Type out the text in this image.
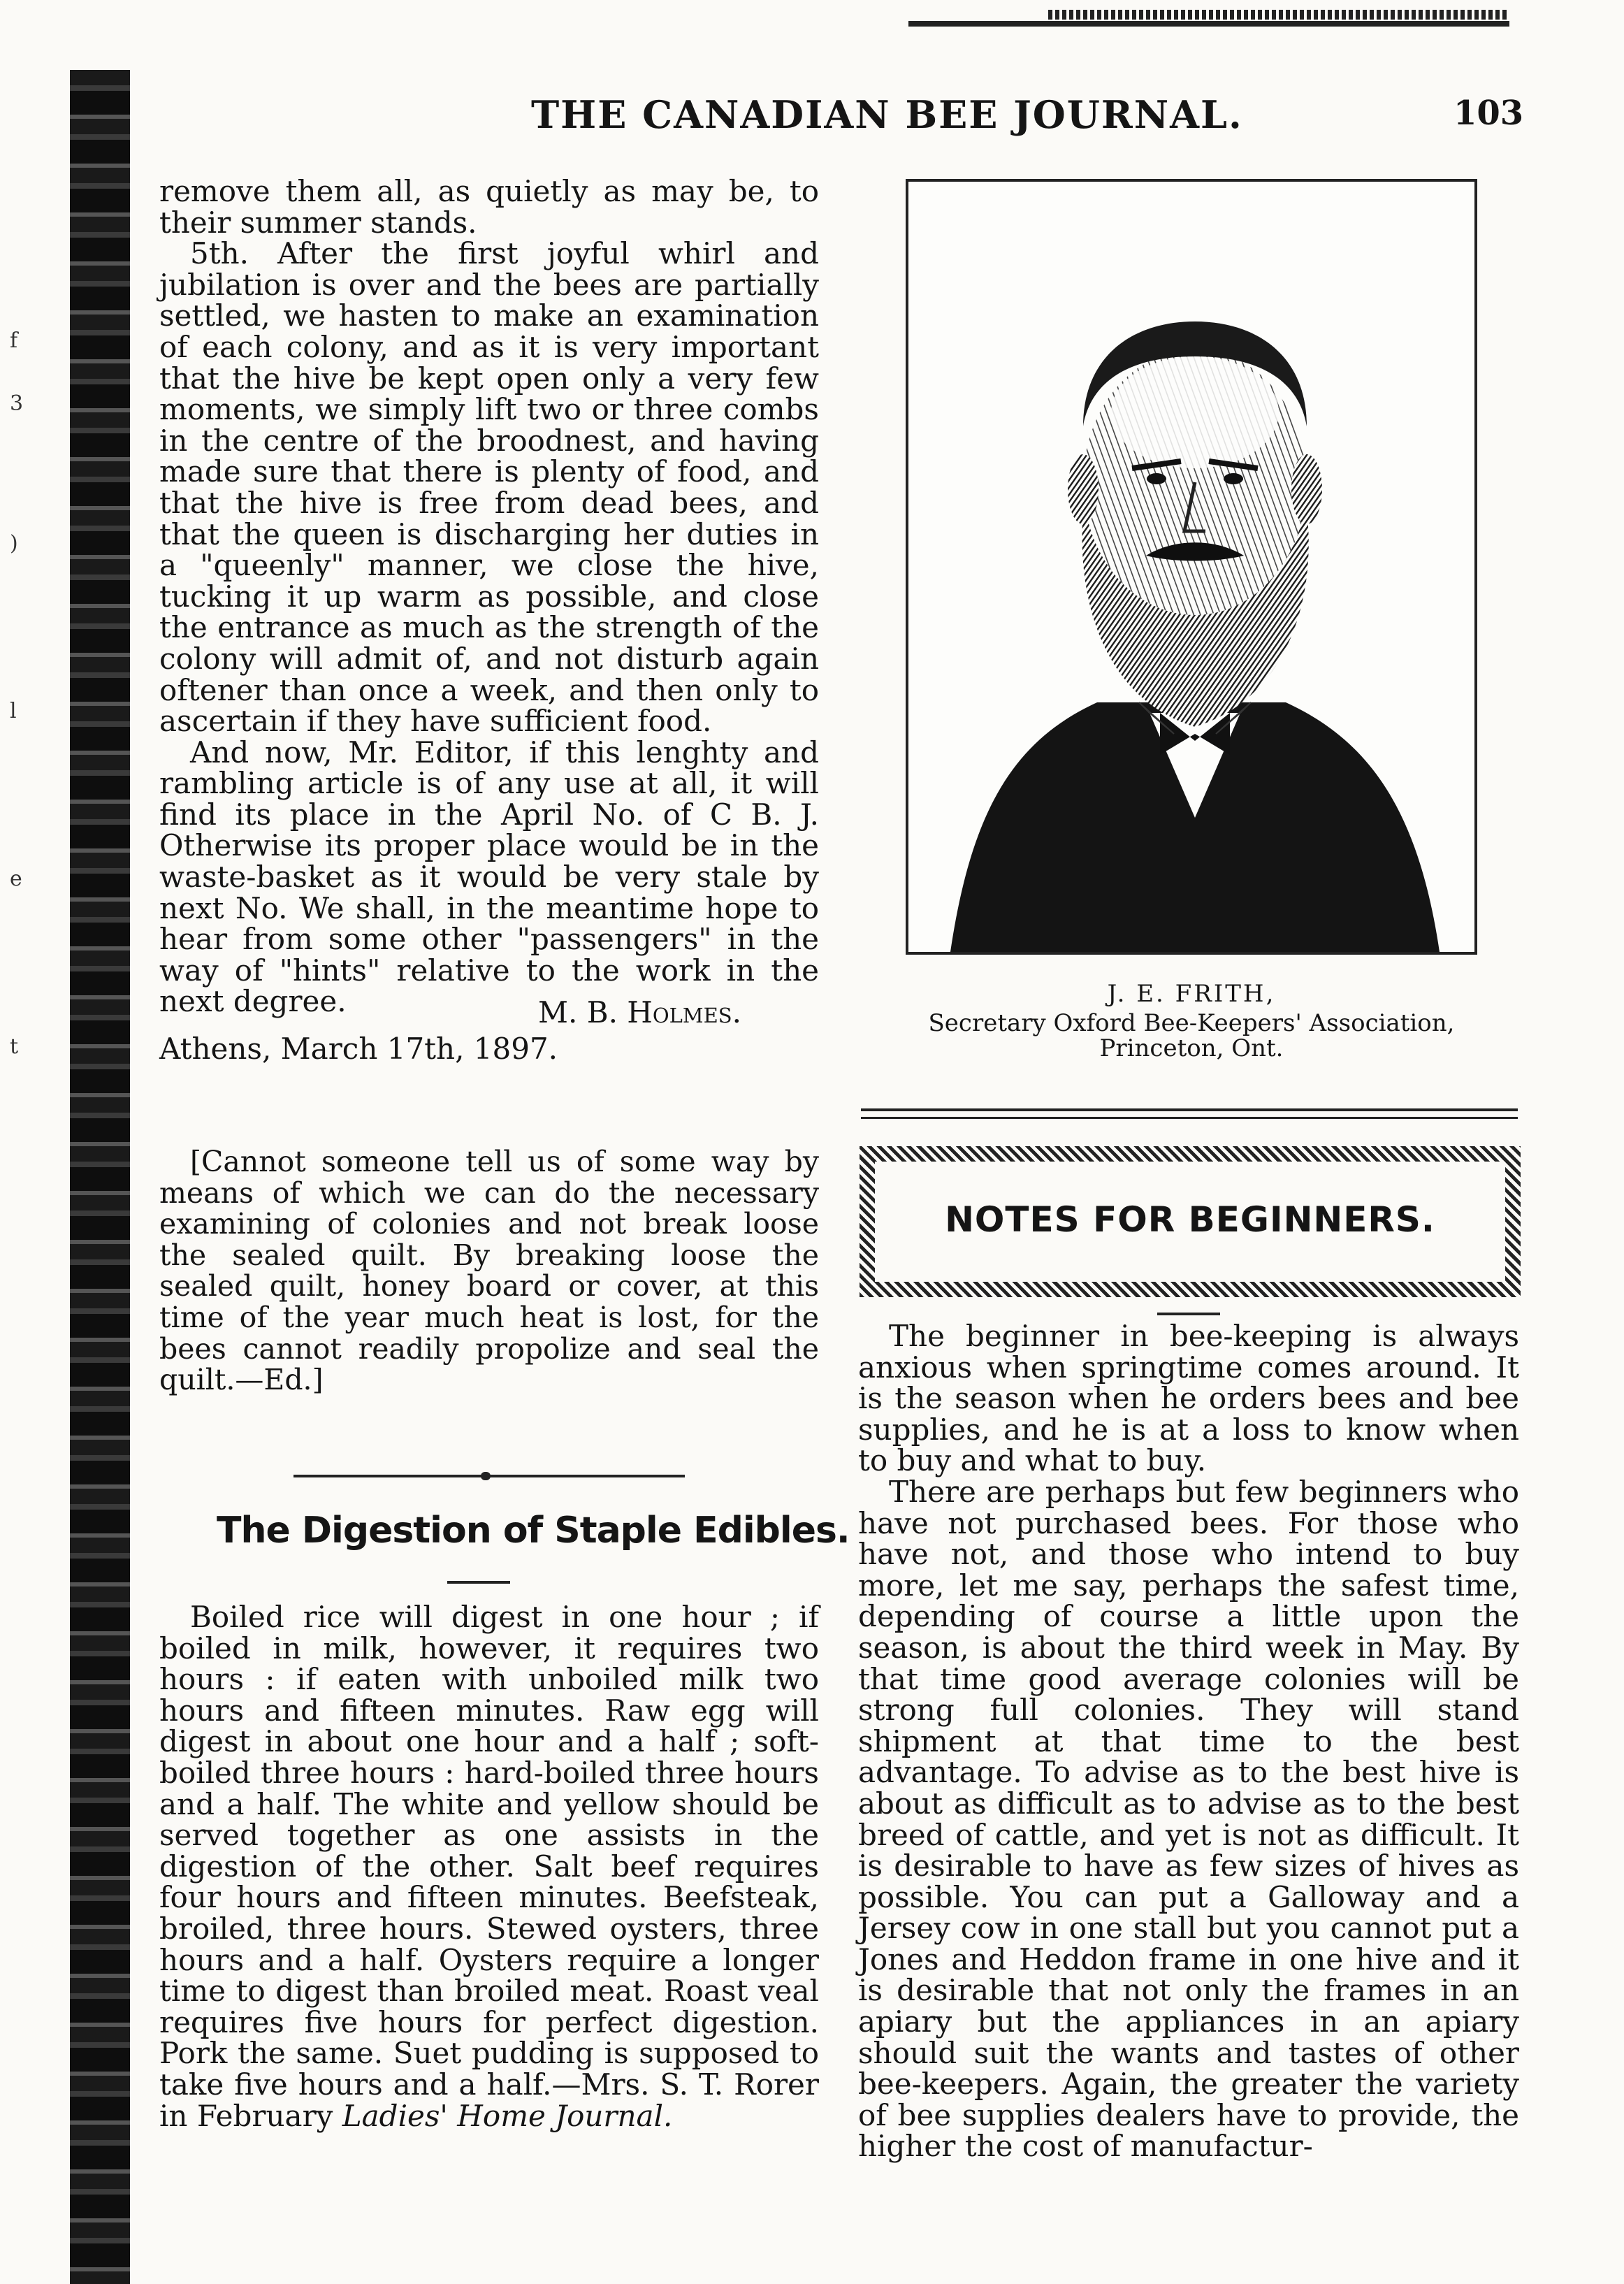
f
3
)
l
e
t
THE CANADIAN BEE JOURNAL.	103

remove them all, as quietly as may be, to their summer stands.

5th. After the first joyful whirl and jubilation is over and the bees are partially settled, we hasten to make an examination of each colony, and as it is very important that the hive be kept open only a very few moments, we simply lift two or three combs in the centre of the broodnest, and having made sure that there is plenty of food, and that the hive is free from dead bees, and that the queen is discharging her duties in a "queenly" manner, we close the hive, tucking it up warm as possible, and close the entrance as much as the strength of the colony will admit of, and not disturb again oftener than once a week, and then only to ascertain if they have sufficient food.

And now, Mr. Editor, if this lenghty and rambling article is of any use at all, it will find its place in the April No. of C B. J. Otherwise its proper place would be in the waste-basket as it would be very stale by next No. We shall, in the meantime hope to hear from some other "passengers" in the way of "hints" relative to the work in the next degree.	M. B. Holmes.
Athens, March 17th, 1897.

[Cannot someone tell us of some way by means of which we can do the necessary examining of colonies and not break loose the sealed quilt. By breaking loose the sealed quilt, honey board or cover, at this time of the year much heat is lost, for the bees cannot readily propolize and seal the quilt.—Ed.]

The Digestion of Staple Edibles.

Boiled rice will digest in one hour ; if boiled in milk, however, it requires two hours : if eaten with unboiled milk two hours and fifteen minutes. Raw egg will digest in about one hour and a half ; soft-boiled three hours : hard-boiled three hours and a half. The white and yellow should be served together as one assists in the digestion of the other. Salt beef requires four hours and fifteen minutes. Beefsteak, broiled, three hours. Stewed oysters, three hours and a half. Oysters require a longer time to digest than broiled meat. Roast veal requires five hours for perfect digestion. Pork the same. Suet pudding is supposed to take five hours and a half.—Mrs. S. T. Rorer in February Ladies' Home Journal.

J. E. FRITH,
Secretary Oxford Bee-Keepers' Association,
Princeton, Ont.
NOTES FOR BEGINNERS.

The beginner in bee-keeping is always anxious when springtime comes around. It is the season when he orders bees and bee supplies, and he is at a loss to know when to buy and what to buy.

There are perhaps but few beginners who have not purchased bees. For those who have not, and those who intend to buy more, let me say, perhaps the safest time, depending of course a little upon the season, is about the third week in May. By that time good average colonies will be strong full colonies. They will stand shipment at that time to the best advantage. To advise as to the best hive is about as difficult as to advise as to the best breed of cattle, and yet is not as difficult. It is desirable to have as few sizes of hives as possible. You can put a Galloway and a Jersey cow in one stall but you cannot put a Jones and Heddon frame in one hive and it is desirable that not only the frames in an apiary but the appliances in an apiary should suit the wants and tastes of other bee-keepers. Again, the greater the variety of bee supplies dealers have to provide, the higher the cost of manufactur-
